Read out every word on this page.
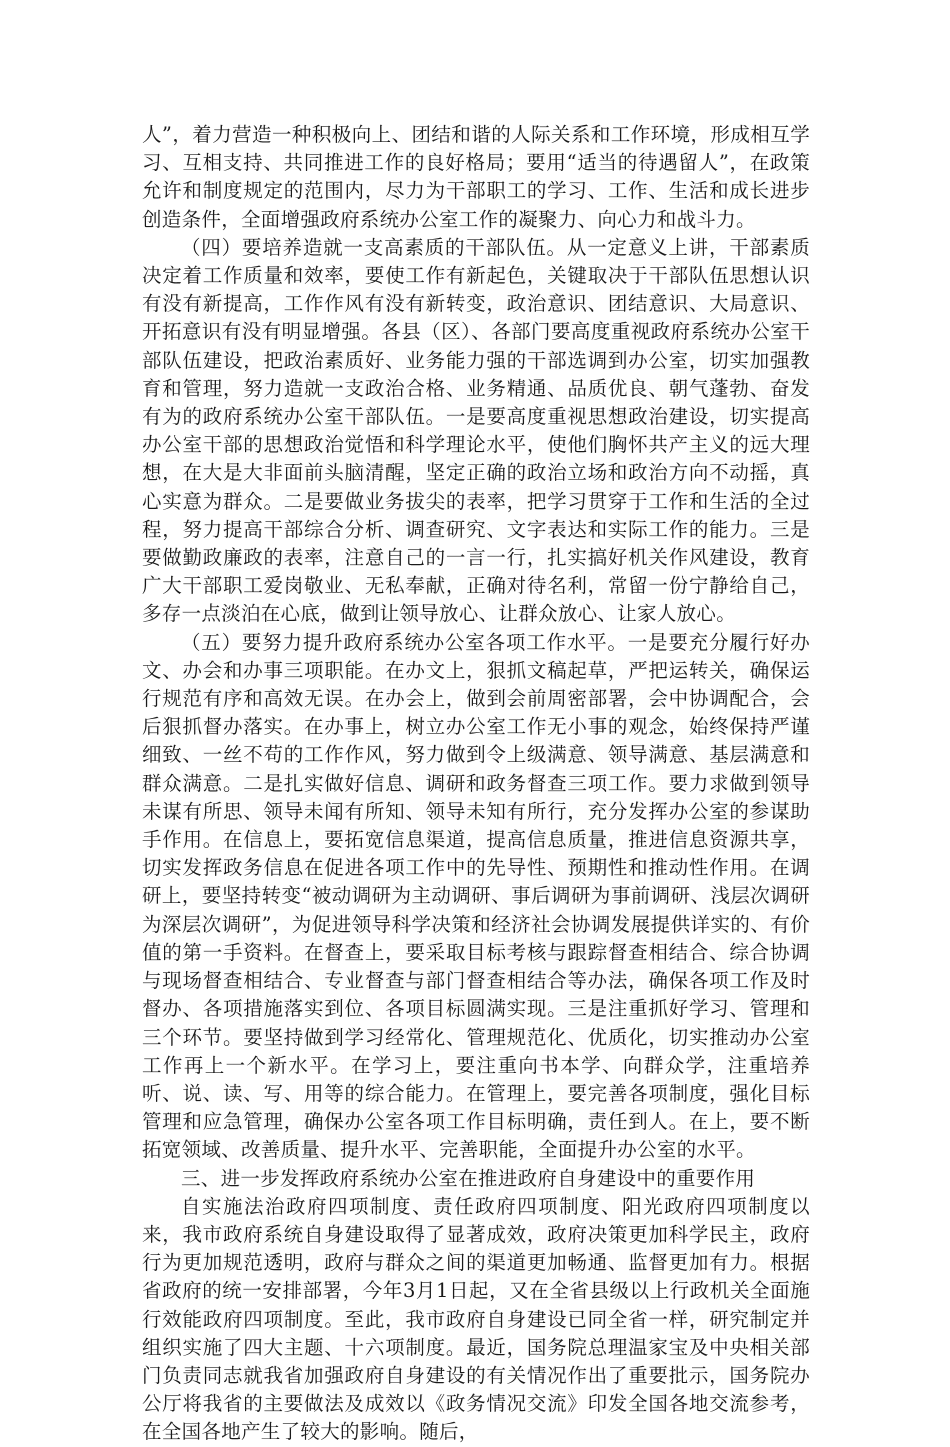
人”，着力营造一种积极向上、团结和谐的人际关系和工作环境，形成相互学习、互相支持、共同推进工作的良好格局；要用“适当的待遇留人”，在政策允许和制度规定的范围内，尽力为干部职工的学习、工作、生活和成长进步创造条件，全面增强政府系统办公室工作的凝聚力、向心力和战斗力。

（四）要培养造就一支高素质的干部队伍。从一定意义上讲，干部素质决定着工作质量和效率，要使工作有新起色，关键取决于干部队伍思想认识有没有新提高，工作作风有没有新转变，政治意识、团结意识、大局意识、开拓意识有没有明显增强。各县（区）、各部门要高度重视政府系统办公室干部队伍建设，把政治素质好、业务能力强的干部选调到办公室，切实加强教育和管理，努力造就一支政治合格、业务精通、品质优良、朝气蓬勃、奋发有为的政府系统办公室干部队伍。一是要高度重视思想政治建设，切实提高办公室干部的思想政治觉悟和科学理论水平，使他们胸怀共产主义的远大理想，在大是大非面前头脑清醒，坚定正确的政治立场和政治方向不动摇，真心实意为群众。二是要做业务拔尖的表率，把学习贯穿于工作和生活的全过程，努力提高干部综合分析、调查研究、文字表达和实际工作的能力。三是要做勤政廉政的表率，注意自己的一言一行，扎实搞好机关作风建设，教育广大干部职工爱岗敬业、无私奉献，正确对待名利，常留一份宁静给自己，多存一点淡泊在心底，做到让领导放心、让群众放心、让家人放心。

（五）要努力提升政府系统办公室各项工作水平。一是要充分履行好办文、办会和办事三项职能。在办文上，狠抓文稿起草，严把运转关，确保运行规范有序和高效无误。在办会上，做到会前周密部署，会中协调配合，会后狠抓督办落实。在办事上，树立办公室工作无小事的观念，始终保持严谨细致、一丝不苟的工作作风，努力做到令上级满意、领导满意、基层满意和群众满意。二是扎实做好信息、调研和政务督查三项工作。要力求做到领导未谋有所思、领导未闻有所知、领导未知有所行，充分发挥办公室的参谋助手作用。在信息上，要拓宽信息渠道，提高信息质量，推进信息资源共享，切实发挥政务信息在促进各项工作中的先导性、预期性和推动性作用。在调研上，要坚持转变“被动调研为主动调研、事后调研为事前调研、浅层次调研为深层次调研”，为促进领导科学决策和经济社会协调发展提供详实的、有价值的第一手资料。在督查上，要采取目标考核与跟踪督查相结合、综合协调与现场督查相结合、专业督查与部门督查相结合等办法，确保各项工作及时督办、各项措施落实到位、各项目标圆满实现。三是注重抓好学习、管理和三个环节。要坚持做到学习经常化、管理规范化、优质化，切实推动办公室工作再上一个新水平。在学习上，要注重向书本学、向群众学，注重培养听、说、读、写、用等的综合能力。在管理上，要完善各项制度，强化目标管理和应急管理，确保办公室各项工作目标明确，责任到人。在上，要不断拓宽领域、改善质量、提升水平、完善职能，全面提升办公室的水平。

三、进一步发挥政府系统办公室在推进政府自身建设中的重要作用

自实施法治政府四项制度、责任政府四项制度、阳光政府四项制度以来，我市政府系统自身建设取得了显著成效，政府决策更加科学民主，政府行为更加规范透明，政府与群众之间的渠道更加畅通、监督更加有力。根据省政府的统一安排部署，今年3月1日起，又在全省县级以上行政机关全面施行效能政府四项制度。至此，我市政府自身建设已同全省一样，研究制定并组织实施了四大主题、十六项制度。最近，国务院总理温家宝及中央相关部门负责同志就我省加强政府自身建设的有关情况作出了重要批示，国务院办公厅将我省的主要做法及成效以《政务情况交流》印发全国各地交流参考，在全国各地产生了较大的影响。随后，
